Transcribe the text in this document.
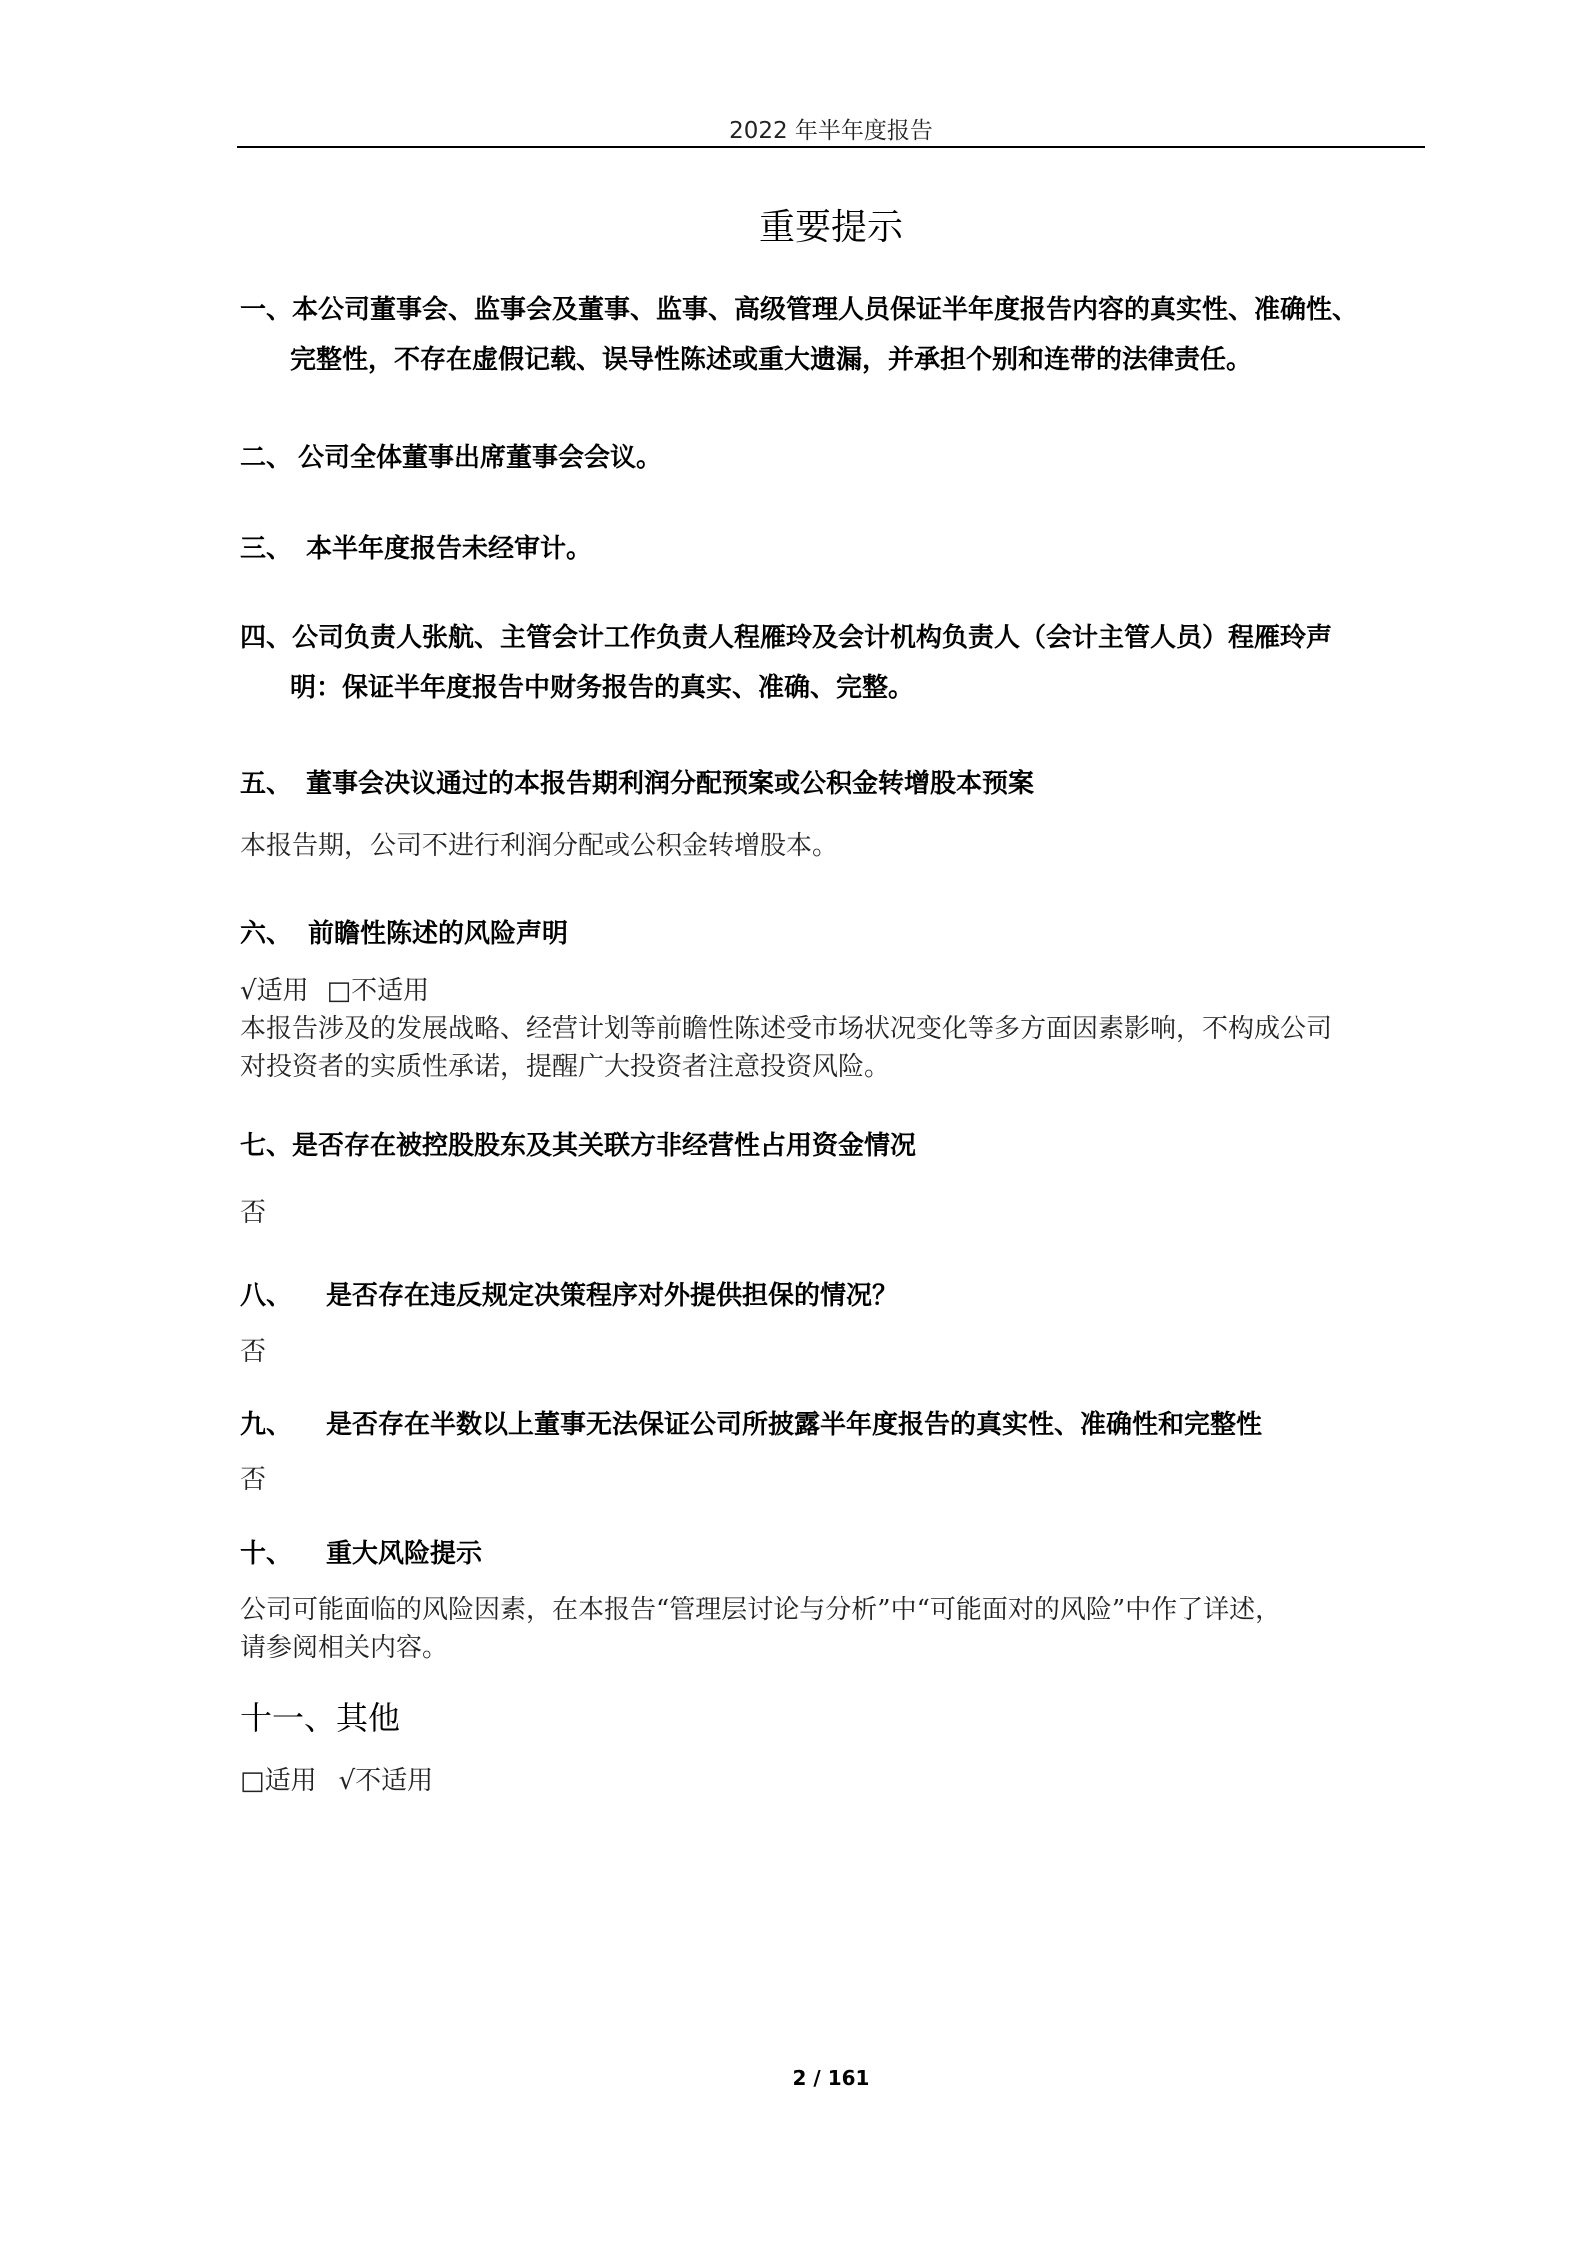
2022 年半年度报告
重要提示
一、本公司董事会、监事会及董事、监事、高级管理人员保证半年度报告内容的真实性、准确性、
完整性，不存在虚假记载、误导性陈述或重大遗漏，并承担个别和连带的法律责任。
二、 公司全体董事出席董事会会议。
三、 本半年度报告未经审计。
四、公司负责人张航、主管会计工作负责人程雁玲及会计机构负责人（会计主管人员）程雁玲声
明：保证半年度报告中财务报告的真实、准确、完整。
五、 董事会决议通过的本报告期利润分配预案或公积金转增股本预案
本报告期，公司不进行利润分配或公积金转增股本。
六、 前瞻性陈述的风险声明
√适用 □不适用
本报告涉及的发展战略、经营计划等前瞻性陈述受市场状况变化等多方面因素影响，不构成公司
对投资者的实质性承诺，提醒广大投资者注意投资风险。
七、是否存在被控股股东及其关联方非经营性占用资金情况
否
八、 是否存在违反规定决策程序对外提供担保的情况？
否
九、 是否存在半数以上董事无法保证公司所披露半年度报告的真实性、准确性和完整性
否
十、 重大风险提示
公司可能面临的风险因素，在本报告“管理层讨论与分析”中“可能面对的风险”中作了详述，
请参阅相关内容。
十一、其他
□适用 √不适用
2 / 161
